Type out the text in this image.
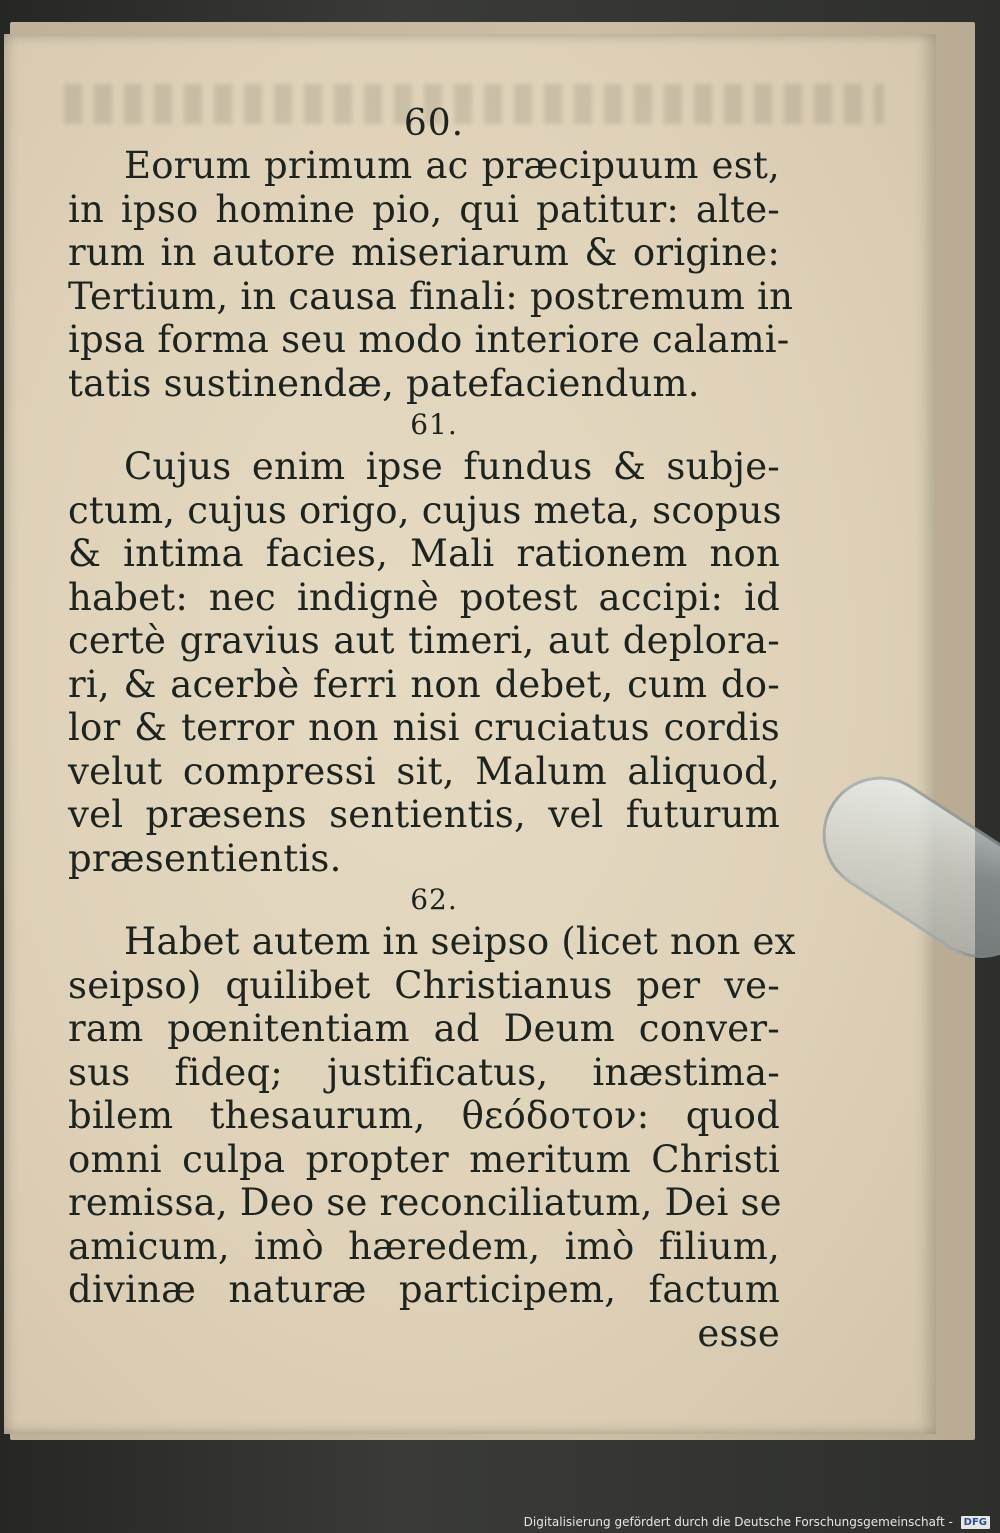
60.
Eorum primum ac præcipuum est,
in ipso homine pio, qui patitur: alte-
rum in autore miseriarum & origine:
Tertium, in causa finali: postremum in
ipsa forma seu modo interiore calami-
tatis sustinendæ, patefaciendum.
61.
Cujus enim ipse fundus & subje-
ctum, cujus origo, cujus meta, scopus
& intima facies, Mali rationem non
habet: nec indignè potest accipi: id
certè gravius aut timeri, aut deplora-
ri, & acerbè ferri non debet, cum do-
lor & terror non nisi cruciatus cordis
velut compressi sit, Malum aliquod,
vel præsens sentientis, vel futurum
præsentientis.
62.
Habet autem in seipso (licet non ex
seipso) quilibet Christianus per ve-
ram pœnitentiam ad Deum conver-
sus fideq; justificatus, inæstima-
bilem thesaurum, θεόδοτον: quod
omni culpa propter meritum Christi
remissa, Deo se reconciliatum, Dei se
amicum, imò hæredem, imò filium,
divinæ naturæ participem, factum
esse
Digitalisierung gefördert durch die Deutsche Forschungsgemeinschaft - DFG
